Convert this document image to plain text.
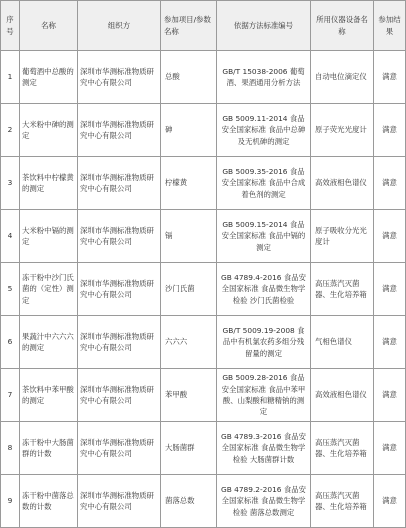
序号	名称	组织方	参加项目/参数名称	依据方法标准编号	所用仪器设备名称	参加结果
1	葡萄酒中总酸的测定	深圳市华测标准物质研究中心有限公司	总酸	GB/T 15038-2006 葡萄酒、果酒通用分析方法	自动电位滴定仪	满意
2	大米粉中砷的测定	深圳市华测标准物质研究中心有限公司	砷	GB 5009.11-2014 食品安全国家标准 食品中总砷及无机砷的测定	原子荧光光度计	满意
3	茶饮料中柠檬黄的测定	深圳市华测标准物质研究中心有限公司	柠檬黄	GB 5009.35-2016 食品安全国家标准 食品中合成着色剂的测定	高效液相色谱仪	满意
4	大米粉中镉的测定	深圳市华测标准物质研究中心有限公司	镉	GB 5009.15-2014 食品安全国家标准 食品中镉的测定	原子吸收分光光度计	满意
5	冻干粉中沙门氏菌的（定性）测定	深圳市华测标准物质研究中心有限公司	沙门氏菌	GB 4789.4-2016 食品安全国家标准 食品微生物学检验 沙门氏菌检验	高压蒸汽灭菌器、生化培养箱	满意
6	果蔬汁中六六六的测定	深圳市华测标准物质研究中心有限公司	六六六	GB/T 5009.19-2008 食品中有机氯农药多组分残留量的测定	气相色谱仪	满意
7	茶饮料中苯甲酸的测定	深圳市华测标准物质研究中心有限公司	苯甲酸	GB 5009.28-2016 食品安全国家标准 食品中苯甲酸、山梨酸和糖精钠的测定	高效液相色谱仪	满意
8	冻干粉中大肠菌群的计数	深圳市华测标准物质研究中心有限公司	大肠菌群	GB 4789.3-2016 食品安全国家标准 食品微生物学检验 大肠菌群计数	高压蒸汽灭菌器、生化培养箱	满意
9	冻干粉中菌落总数的计数	深圳市华测标准物质研究中心有限公司	菌落总数	GB 4789.2-2016 食品安全国家标准 食品微生物学检验 菌落总数测定	高压蒸汽灭菌器、生化培养箱	满意
